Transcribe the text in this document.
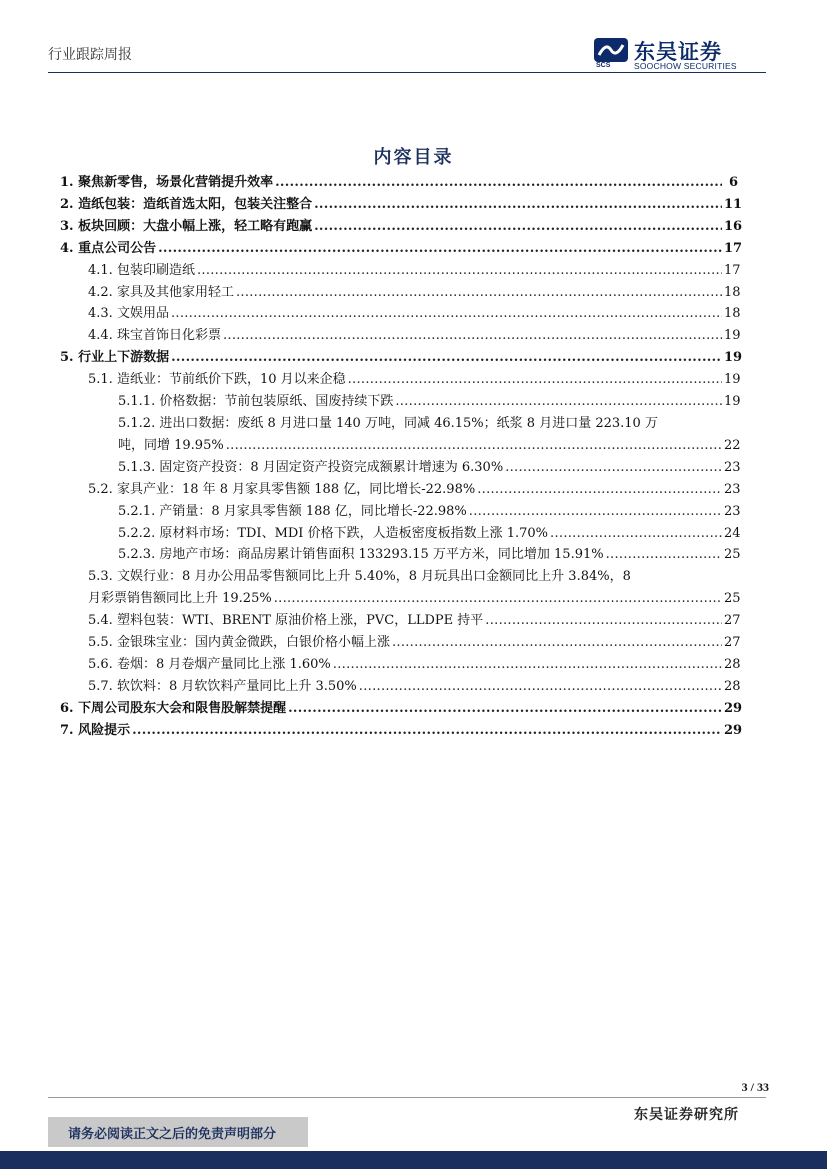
行业跟踪周报
SCS
东吴证券
SOOCHOW SECURITIES
内容目录
1. 聚焦新零售，场景化营销提升效率 .....	6
2. 造纸包装：造纸首选太阳，包装关注整合 .....	11
3. 板块回顾：大盘小幅上涨，轻工略有跑赢 .....	16
4. 重点公司公告 .....	17
4.1. 包装印刷造纸 .....	17
4.2. 家具及其他家用轻工 .....	18
4.3. 文娱用品 .....	18
4.4. 珠宝首饰日化彩票 .....	19
5. 行业上下游数据 .....	19
5.1. 造纸业：节前纸价下跌，10 月以来企稳 .....	19
5.1.1. 价格数据：节前包装原纸、国废持续下跌 .....	19
5.1.2. 进出口数据：废纸 8 月进口量 140 万吨，同减 46.15%；纸浆 8 月进口量 223.10 万
吨，同增 19.95% .....	22
5.1.3. 固定资产投资：8 月固定资产投资完成额累计增速为 6.30% .....	23
5.2. 家具产业：18 年 8 月家具零售额 188 亿，同比增长-22.98% .....	23
5.2.1. 产销量：8 月家具零售额 188 亿，同比增长-22.98% .....	23
5.2.2. 原材料市场：TDI、MDI 价格下跌，人造板密度板指数上涨 1.70% .....	24
5.2.3. 房地产市场：商品房累计销售面积 133293.15 万平方米，同比增加 15.91% .....	25
5.3. 文娱行业：8 月办公用品零售额同比上升 5.40%，8 月玩具出口金额同比上升 3.84%，8
月彩票销售额同比上升 19.25% .....	25
5.4. 塑料包装：WTI、BRENT 原油价格上涨，PVC，LLDPE 持平 .....	27
5.5. 金银珠宝业：国内黄金微跌，白银价格小幅上涨 .....	27
5.6. 卷烟：8 月卷烟产量同比上涨 1.60% .....	28
5.7. 软饮料：8 月软饮料产量同比上升 3.50% .....	28
6. 下周公司股东大会和限售股解禁提醒 .....	29
7. 风险提示 .....	29
3 / 33
东吴证券研究所
请务必阅读正文之后的免责声明部分
